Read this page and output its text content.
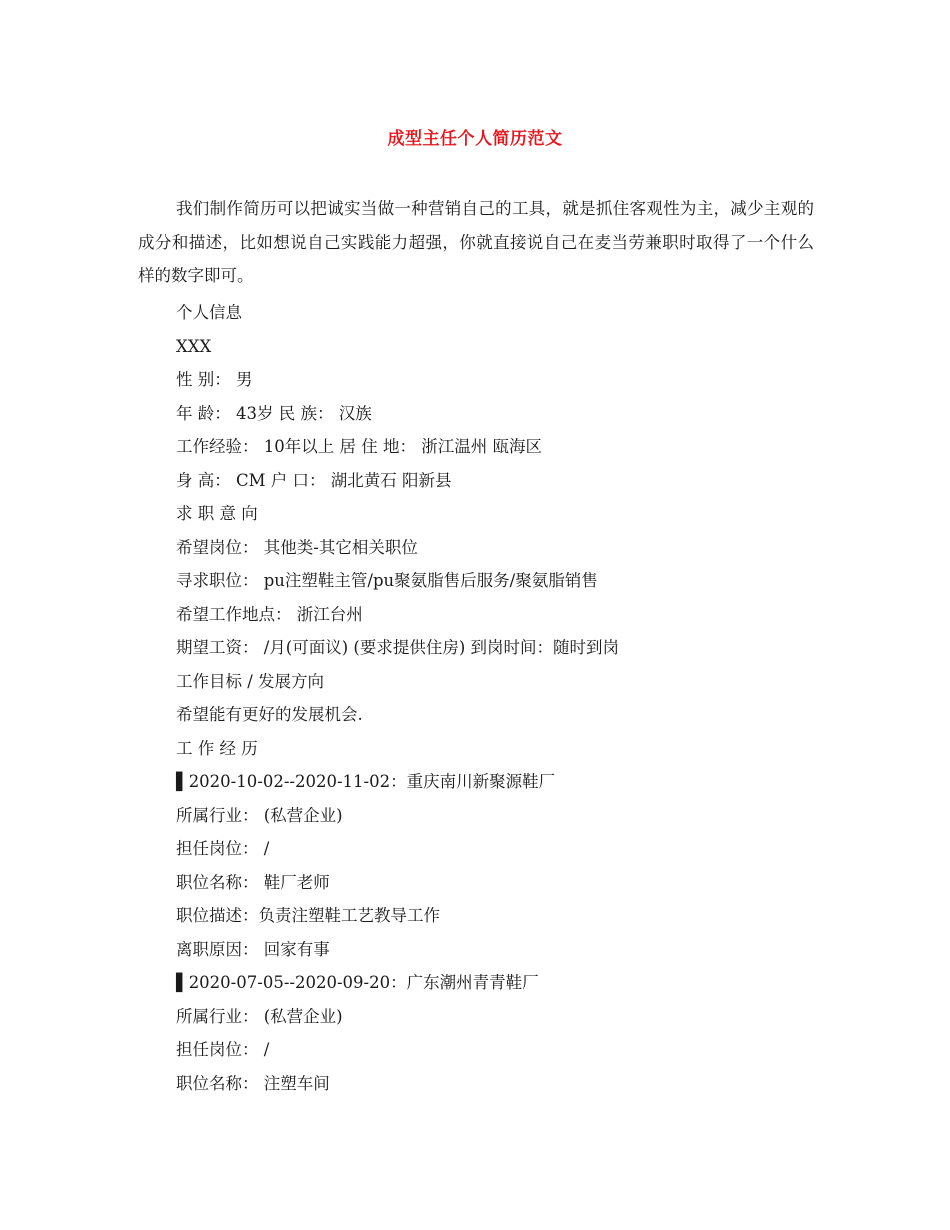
成型主任个人简历范文
我们制作简历可以把诚实当做一种营销自己的工具，就是抓住客观性为主，减少主观的成分和描述，比如想说自己实践能力超强，你就直接说自己在麦当劳兼职时取得了一个什么样的数字即可。
个人信息
XXX
性 别： 男
年 龄： 43岁 民 族： 汉族
工作经验： 10年以上 居 住 地： 浙江温州 瓯海区
身 高： CM 户 口： 湖北黄石 阳新县
求 职 意 向
希望岗位： 其他类-其它相关职位
寻求职位： pu注塑鞋主管/pu聚氨脂售后服务/聚氨脂销售
希望工作地点： 浙江台州
期望工资： /月(可面议) (要求提供住房) 到岗时间：随时到岗
工作目标 / 发展方向
希望能有更好的发展机会.
工 作 经 历
▌2020-10-02--2020-11-02：重庆南川新聚源鞋厂
所属行业： (私营企业)
担任岗位： /
职位名称： 鞋厂老师
职位描述：负责注塑鞋工艺教导工作
离职原因： 回家有事
▌2020-07-05--2020-09-20：广东潮州青青鞋厂
所属行业： (私营企业)
担任岗位： /
职位名称： 注塑车间
